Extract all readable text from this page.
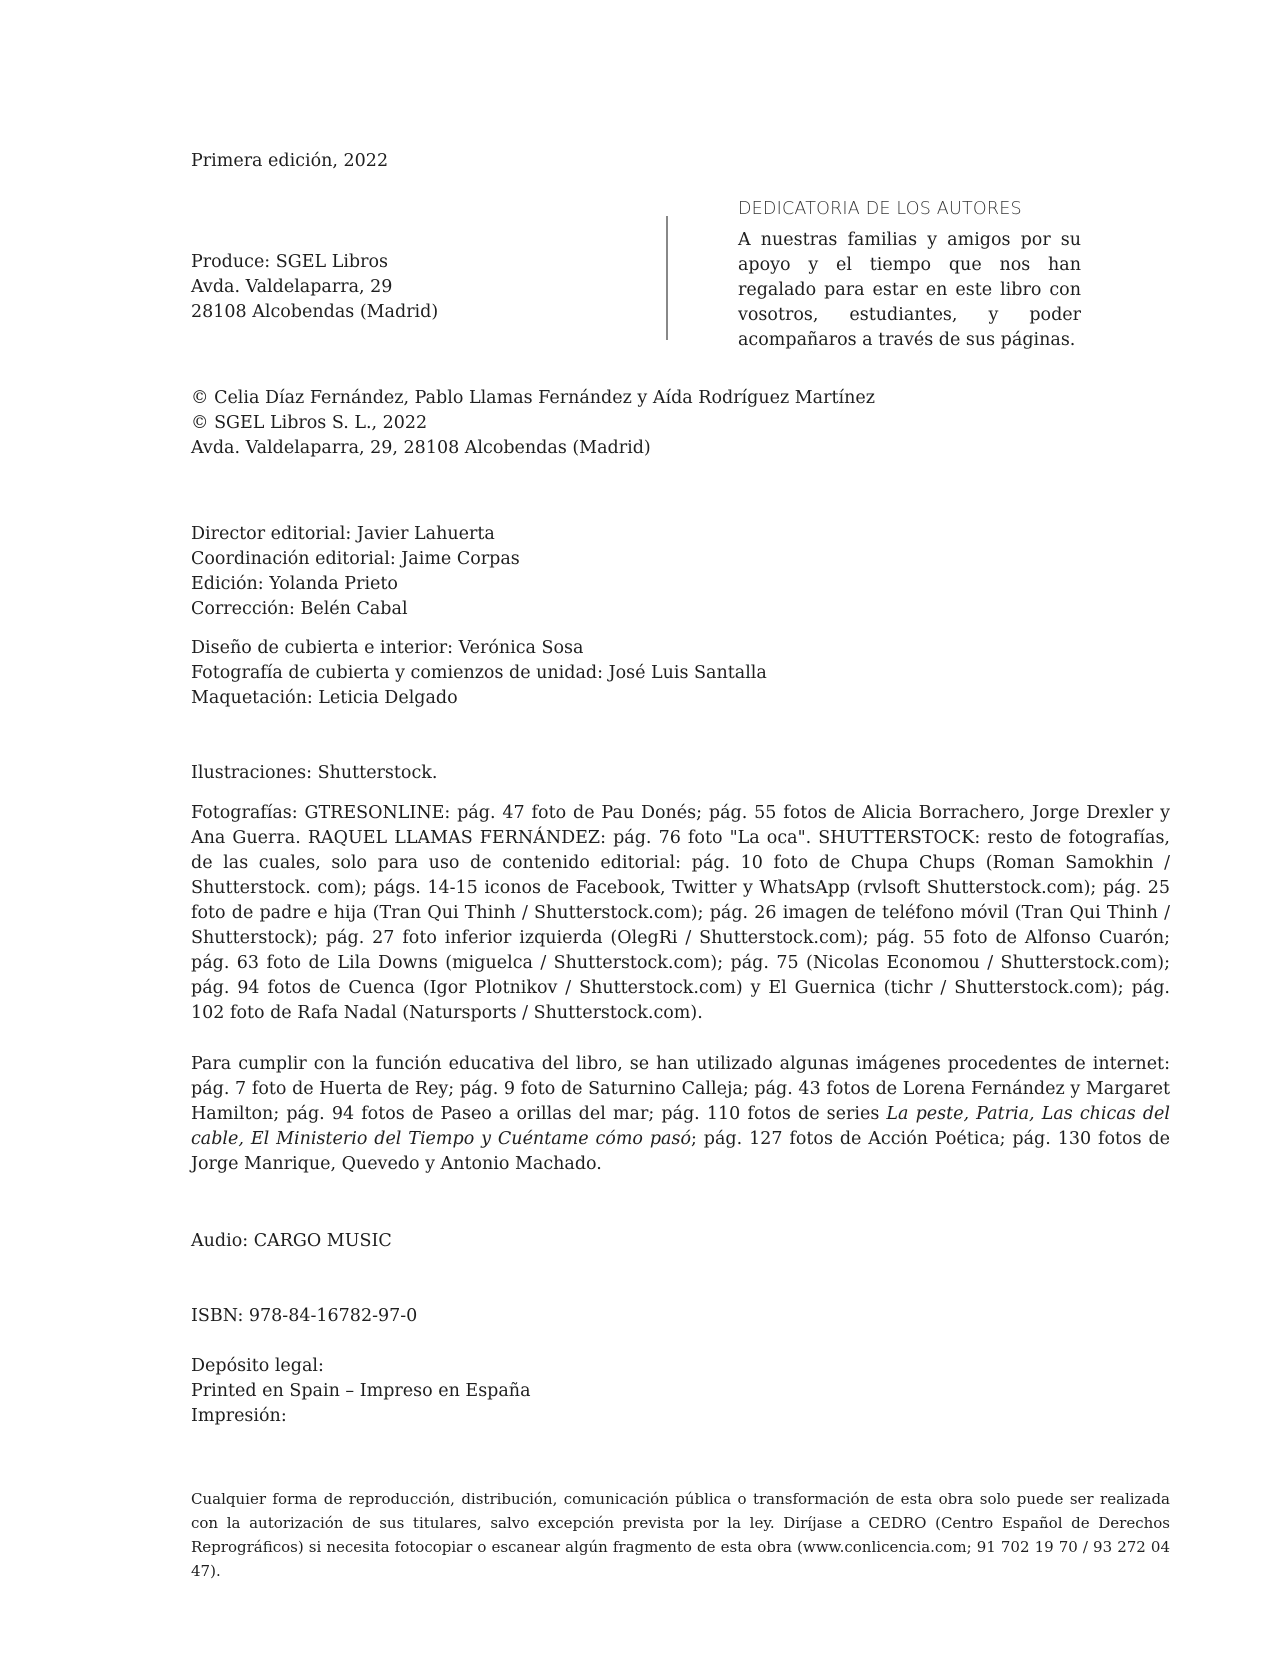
Primera edición, 2022
Produce: SGEL Libros
Avda. Valdelaparra, 29
28108 Alcobendas (Madrid)
DEDICATORIA DE LOS AUTORES
A nuestras familias y amigos por su apoyo y el tiempo que nos han regalado para estar en este libro con vosotros, estudiantes, y poder acompañaros a través de sus páginas.
© Celia Díaz Fernández, Pablo Llamas Fernández y Aída Rodríguez Martínez
© SGEL Libros S. L., 2022
Avda. Valdelaparra, 29, 28108 Alcobendas (Madrid)
Director editorial: Javier Lahuerta
Coordinación editorial: Jaime Corpas
Edición: Yolanda Prieto
Corrección: Belén Cabal
Diseño de cubierta e interior: Verónica Sosa
Fotografía de cubierta y comienzos de unidad: José Luis Santalla
Maquetación: Leticia Delgado
Ilustraciones: Shutterstock.
Fotografías: GTRESONLINE: pág. 47 foto de Pau Donés; pág. 55 fotos de Alicia Borrachero, Jorge Drexler y Ana Guerra. RAQUEL LLAMAS FERNÁNDEZ: pág. 76 foto "La oca". SHUTTERSTOCK: resto de fotografías, de las cuales, solo para uso de contenido editorial: pág. 10 foto de Chupa Chups (Roman Samokhin / Shutterstock. com); págs. 14-15 iconos de Facebook, Twitter y WhatsApp (rvlsoft Shutterstock.com); pág. 25 foto de padre e hija (Tran Qui Thinh / Shutterstock.com); pág. 26 imagen de teléfono móvil (Tran Qui Thinh / Shutterstock); pág. 27 foto inferior izquierda (OlegRi / Shutterstock.com); pág. 55 foto de Alfonso Cuarón; pág. 63 foto de Lila Downs (miguelca / Shutterstock.com); pág. 75 (Nicolas Economou / Shutterstock.com); pág. 94 fotos de Cuenca (Igor Plotnikov / Shutterstock.com) y El Guernica (tichr / Shutterstock.com); pág. 102 foto de Rafa Nadal (Natursports / Shutterstock.com).
Para cumplir con la función educativa del libro, se han utilizado algunas imágenes procedentes de internet: pág. 7 foto de Huerta de Rey; pág. 9 foto de Saturnino Calleja; pág. 43 fotos de Lorena Fernández y Margaret Hamilton; pág. 94 fotos de Paseo a orillas del mar; pág. 110 fotos de series La peste, Patria, Las chicas del cable, El Ministerio del Tiempo y Cuéntame cómo pasó; pág. 127 fotos de Acción Poética; pág. 130 fotos de Jorge Manrique, Quevedo y Antonio Machado.
Audio: CARGO MUSIC
ISBN: 978-84-16782-97-0
Depósito legal:
Printed en Spain – Impreso en España
Impresión:
Cualquier forma de reproducción, distribución, comunicación pública o transformación de esta obra solo puede ser realizada con la autorización de sus titulares, salvo excepción prevista por la ley. Diríjase a CEDRO (Centro Español de Derechos Reprográficos) si necesita fotocopiar o escanear algún fragmento de esta obra (www.conlicencia.com; 91 702 19 70 / 93 272 04 47).
